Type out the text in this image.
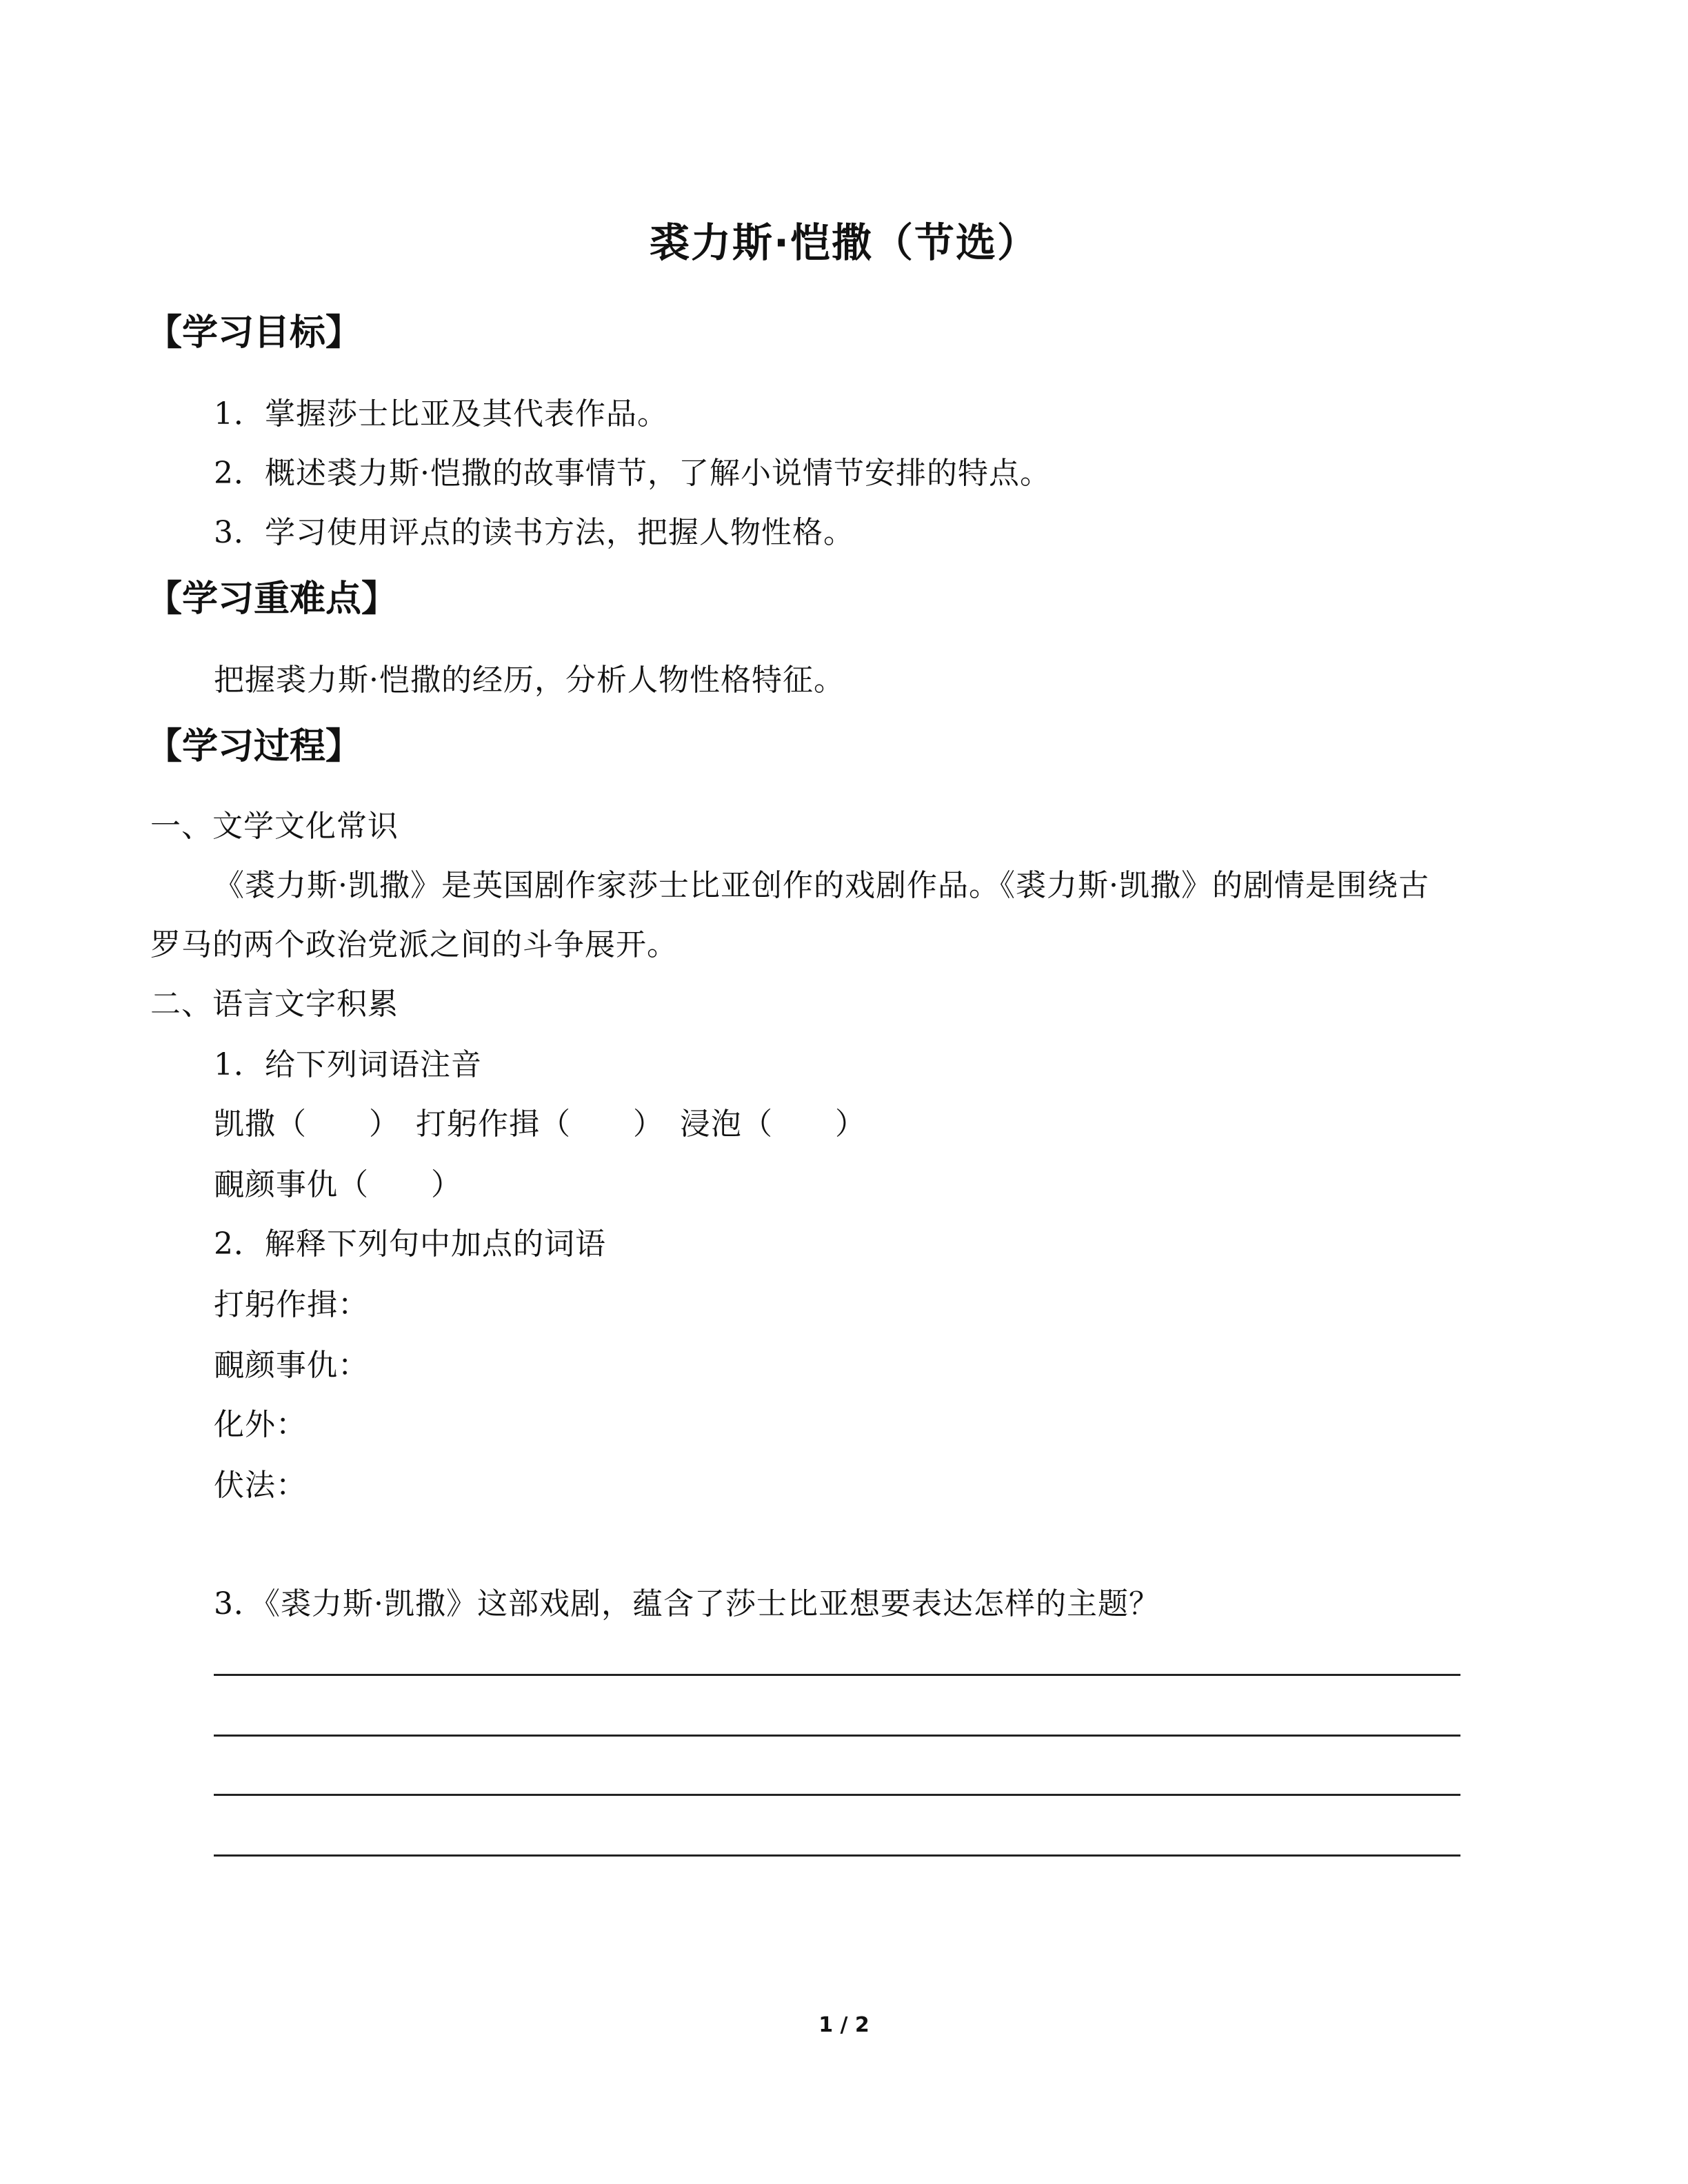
裘力斯·恺撒（节选）
【学习目标】
1．掌握莎士比亚及其代表作品。
2．概述裘力斯·恺撒的故事情节，了解小说情节安排的特点。
3．学习使用评点的读书方法，把握人物性格。
【学习重难点】
把握裘力斯·恺撒的经历，分析人物性格特征。
【学习过程】
一、文学文化常识
《裘力斯·凯撒》是英国剧作家莎士比亚创作的戏剧作品。《裘力斯·凯撒》的剧情是围绕古
罗马的两个政治党派之间的斗争展开。
二、语言文字积累
1．给下列词语注音
凯撒（　　）　打躬作揖（　　）　浸泡（　　）
靦颜事仇（　　）
2．解释下列句中加点的词语
打躬作揖：
靦颜事仇：
化外：
伏法：
3．《裘力斯·凯撒》这部戏剧，蕴含了莎士比亚想要表达怎样的主题？
1 / 2
